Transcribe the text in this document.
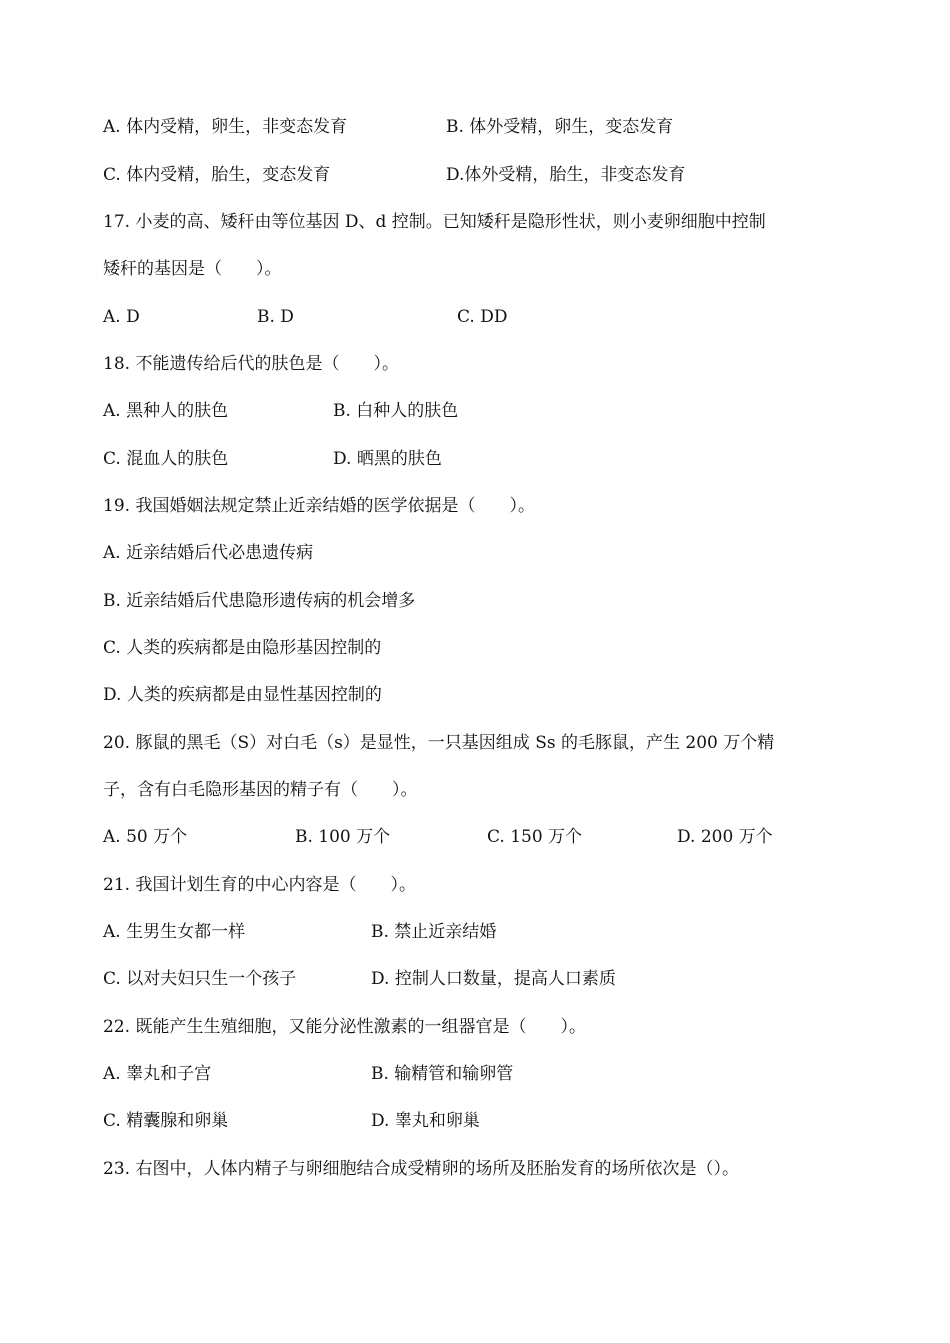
A. 体内受精，卵生，非变态发育	B. 体外受精，卵生，变态发育
C. 体内受精，胎生，变态发育	D.体外受精，胎生，非变态发育
17. 小麦的高、矮秆由等位基因 D、d 控制。已知矮秆是隐形性状，则小麦卵细胞中控制
矮秆的基因是（　　）。
A. D	B. D	C. DD
18. 不能遗传给后代的肤色是（　　）。
A. 黑种人的肤色	B. 白种人的肤色
C. 混血人的肤色	D. 晒黑的肤色
19. 我国婚姻法规定禁止近亲结婚的医学依据是（　　）。
A. 近亲结婚后代必患遗传病
B. 近亲结婚后代患隐形遗传病的机会增多
C. 人类的疾病都是由隐形基因控制的
D. 人类的疾病都是由显性基因控制的
20. 豚鼠的黑毛（S）对白毛（s）是显性，一只基因组成 Ss 的毛豚鼠，产生 200 万个精
子，含有白毛隐形基因的精子有（　　）。
A. 50 万个	B. 100 万个	C. 150 万个	D. 200 万个
21. 我国计划生育的中心内容是（　　）。
A. 生男生女都一样	B. 禁止近亲结婚
C. 以对夫妇只生一个孩子	D. 控制人口数量，提高人口素质
22. 既能产生生殖细胞，又能分泌性激素的一组器官是（　　）。
A. 睾丸和子宫	B. 输精管和输卵管
C. 精囊腺和卵巢	D. 睾丸和卵巢
23. 右图中，人体内精子与卵细胞结合成受精卵的场所及胚胎发育的场所依次是（）。
